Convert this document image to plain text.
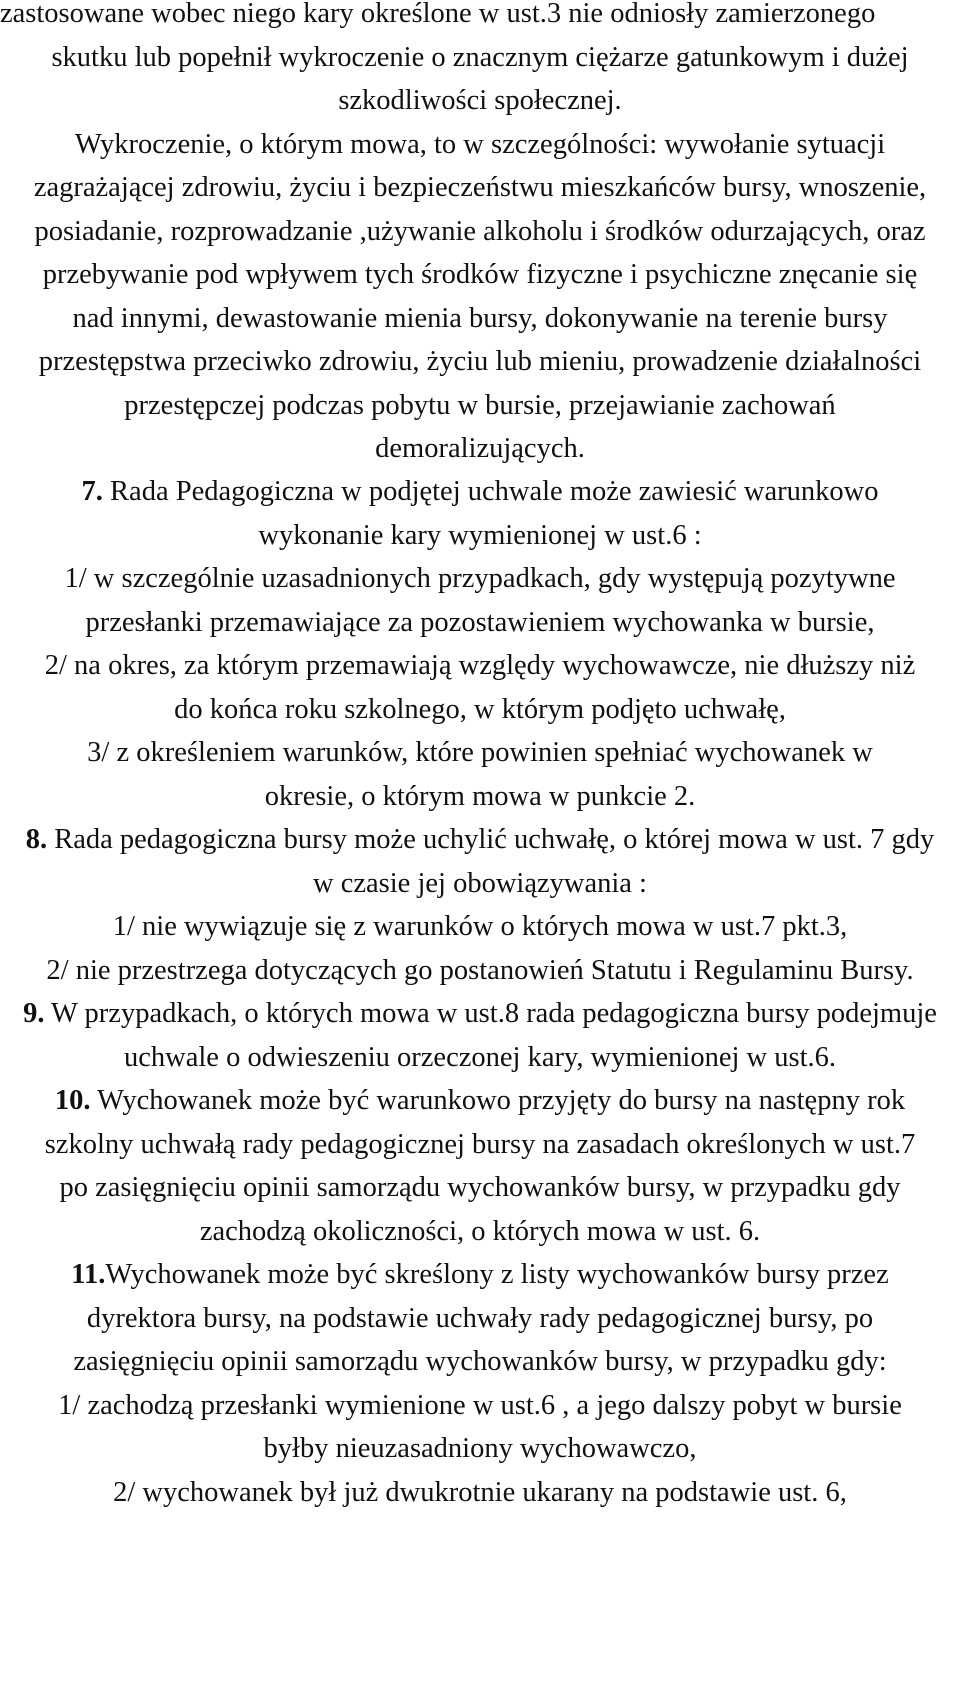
zastosowane wobec niego kary określone w ust.3 nie odniosły zamierzonego
skutku lub popełnił wykroczenie o znacznym ciężarze gatunkowym i dużej
szkodliwości społecznej.
Wykroczenie, o którym mowa, to w szczególności: wywołanie sytuacji
zagrażającej zdrowiu, życiu i bezpieczeństwu mieszkańców bursy, wnoszenie,
posiadanie, rozprowadzanie ,używanie alkoholu i środków odurzających, oraz
przebywanie pod wpływem tych środków fizyczne i psychiczne znęcanie się
nad innymi, dewastowanie mienia bursy, dokonywanie na terenie bursy
przestępstwa przeciwko zdrowiu, życiu lub mieniu, prowadzenie działalności
przestępczej podczas pobytu w bursie, przejawianie zachowań
demoralizujących.
7. Rada Pedagogiczna w podjętej uchwale może zawiesić warunkowo
wykonanie kary wymienionej w ust.6 :
1/ w szczególnie uzasadnionych przypadkach, gdy występują pozytywne
przesłanki przemawiające za pozostawieniem wychowanka w bursie,
2/ na okres, za którym przemawiają względy wychowawcze, nie dłuższy niż
do końca roku szkolnego, w którym podjęto uchwałę,
3/ z określeniem warunków, które powinien spełniać wychowanek w
okresie, o którym mowa w punkcie 2.
8. Rada pedagogiczna bursy może uchylić uchwałę, o której mowa w ust. 7 gdy
w czasie jej obowiązywania :
1/ nie wywiązuje się z warunków o których mowa w ust.7 pkt.3,
2/ nie przestrzega dotyczących go postanowień Statutu i Regulaminu Bursy.
9. W przypadkach, o których mowa w ust.8 rada pedagogiczna bursy podejmuje
uchwale o odwieszeniu orzeczonej kary, wymienionej w ust.6.
10. Wychowanek może być warunkowo przyjęty do bursy na następny rok
szkolny uchwałą rady pedagogicznej bursy na zasadach określonych w ust.7
po zasięgnięciu opinii samorządu wychowanków bursy, w przypadku gdy
zachodzą okoliczności, o których mowa w ust. 6.
11.Wychowanek może być skreślony z listy wychowanków bursy przez
dyrektora bursy, na podstawie uchwały rady pedagogicznej bursy, po
zasięgnięciu opinii samorządu wychowanków bursy, w przypadku gdy:
1/ zachodzą przesłanki wymienione w ust.6 , a jego dalszy pobyt w bursie
byłby nieuzasadniony wychowawczo,
2/ wychowanek był już dwukrotnie ukarany na podstawie ust. 6,
